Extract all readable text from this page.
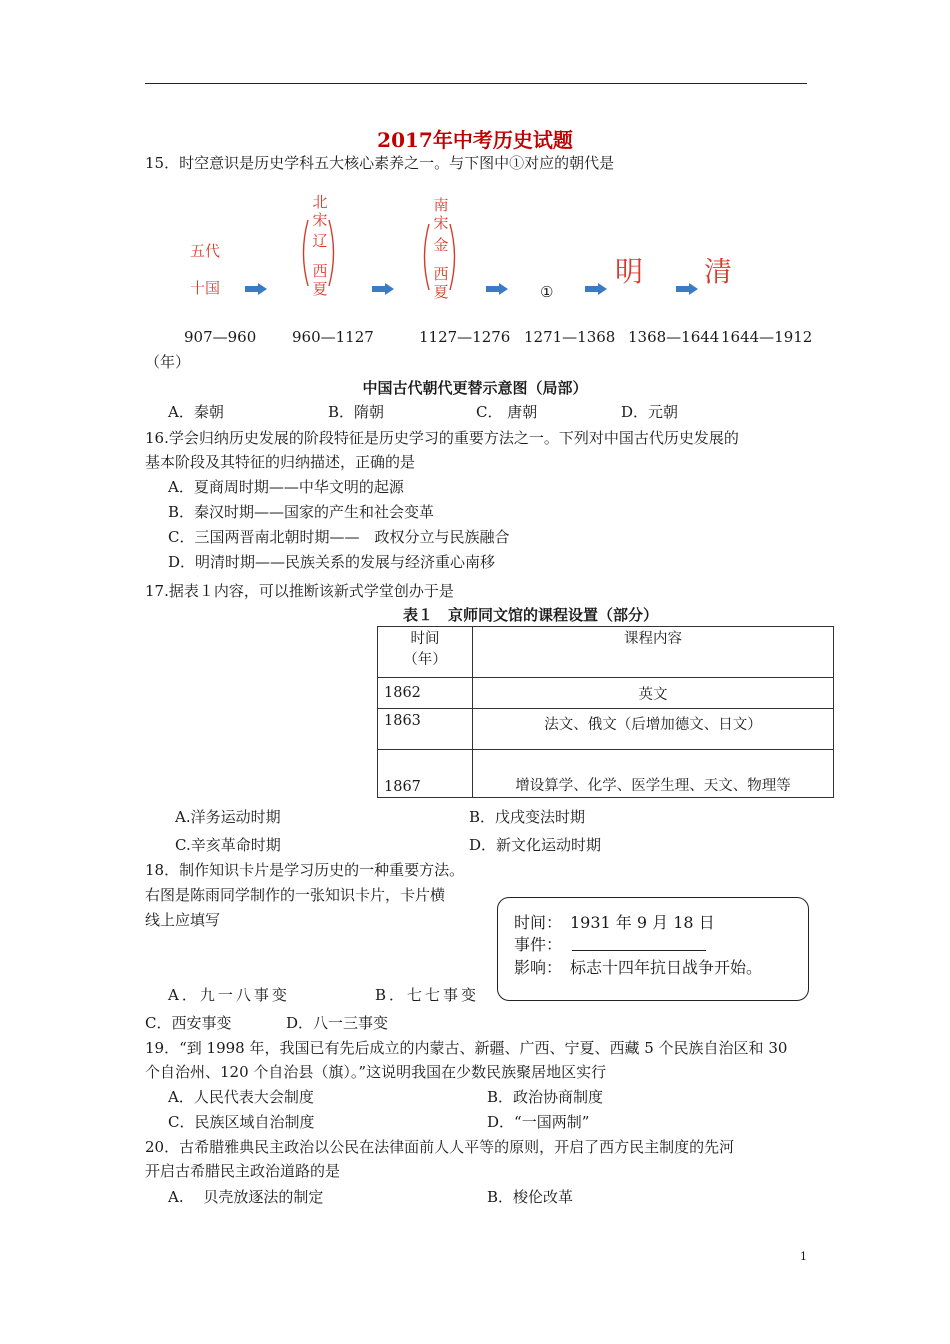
2017年中考历史试题
15．时空意识是历史学科五大核心素养之一。与下图中①对应的朝代是
五代
十国
北宋
辽
西夏
南宋
金
西夏	①
明 清
907—960 960—1127	1127—1276 1271—1368 1368—1644 1644—1912
（年）
中国古代朝代更替示意图（局部）
A．秦朝	B．隋朝	C． 唐朝	D．元朝
16.学会归纳历史发展的阶段特征是历史学习的重要方法之一。下列对中国古代历史发展的
基本阶段及其特征的归纳描述，正确的是
A．夏商周时期——中华文明的起源
B．秦汉时期——国家的产生和社会变革
C．三国两晋南北朝时期——　政权分立与民族融合
D．明清时期——民族关系的发展与经济重心南移
17.据表１内容，可以推断该新式学堂创办于是
表１　京师同文馆的课程设置（部分）
时间
（年）	课程内容
1862	英文
1863	法文、俄文（后增加德文、日文）
1867	增设算学、化学、医学生理、天文、物理等
A.洋务运动时期	B．戊戌变法时期
C.辛亥革命时期	D．新文化运动时期
18．制作知识卡片是学习历史的一种重要方法。
右图是陈雨同学制作的一张知识卡片，卡片横
线上应填写	时间：　1931 年 9 月 18 日
事件：
影响：　标志十四年抗日战争开始。
A．九一八事变	B．七七事变
C．西安事变	D．八一三事变
19．“到 1998 年，我国已有先后成立的内蒙古、新疆、广西、宁夏、西藏 5 个民族自治区和 30
个自治州、120 个自治县（旗）。”这说明我国在少数民族聚居地区实行
A．人民代表大会制度	B．政治协商制度
C．民族区域自治制度	D．“一国两制”
20．古希腊雅典民主政治以公民在法律面前人人平等的原则，开启了西方民主制度的先河
开启古希腊民主政治道路的是
A.　 贝壳放逐法的制定	B．梭伦改革
1
